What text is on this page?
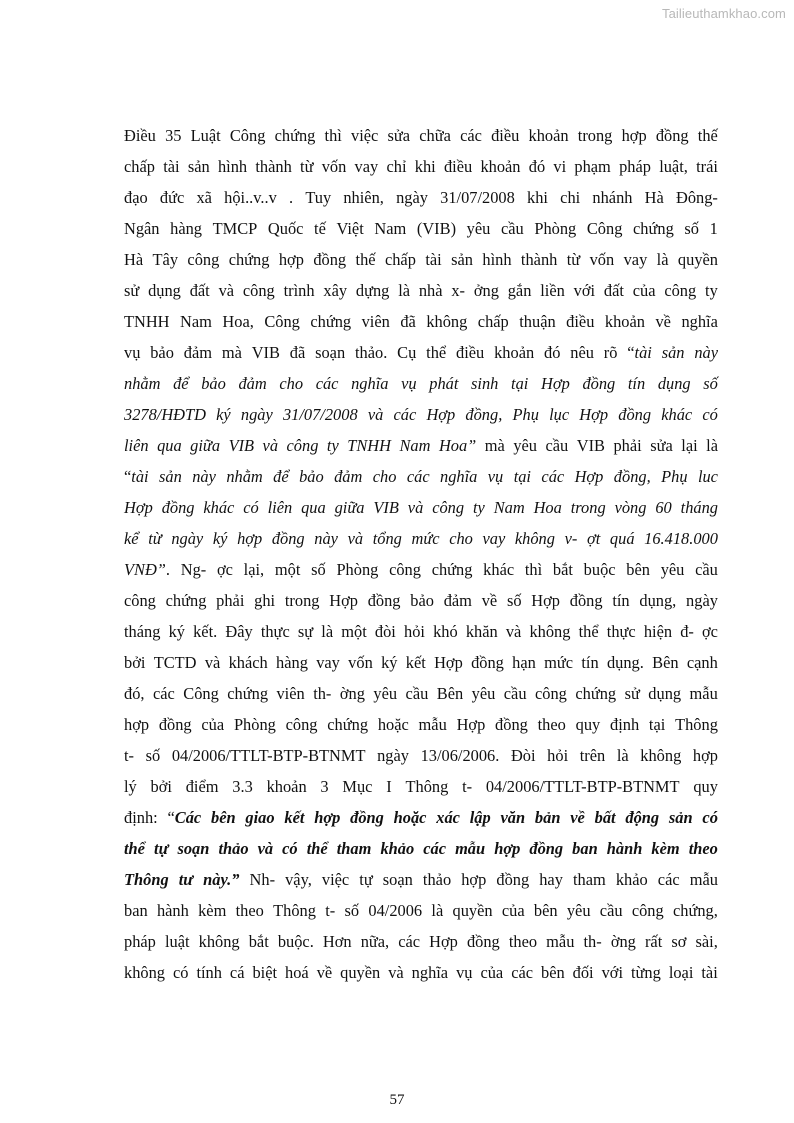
Tailieuthamkhao.com
Điều 35 Luật Công chứng thì việc sửa chữa các điều khoản trong hợp đồng thế
chấp tài sản hình thành từ vốn vay chỉ khi điều khoản đó vi phạm pháp luật, trái
đạo đức xã hội..v..v . Tuy nhiên, ngày 31/07/2008 khi chi nhánh Hà Đông-
Ngân hàng TMCP Quốc tế Việt Nam (VIB) yêu cầu Phòng Công chứng số 1
Hà Tây công chứng hợp đồng thế chấp tài sản hình thành từ vốn vay là quyền
sử dụng đất và công trình xây dựng là nhà x- ởng gắn liền với đất của công ty
TNHH Nam Hoa, Công chứng viên đã không chấp thuận điều khoản về nghĩa
vụ bảo đảm mà VIB đã soạn thảo. Cụ thể điều khoản đó nêu rõ “tài sản này
nhằm để bảo đảm cho các nghĩa vụ phát sinh tại Hợp đồng tín dụng số
3278/HĐTD ký ngày 31/07/2008 và các Hợp đồng, Phụ lục Hợp đồng khác có
liên qua giữa VIB và công ty TNHH Nam Hoa” mà yêu cầu VIB phải sửa lại là
“tài sản này nhằm để bảo đảm cho các nghĩa vụ tại các Hợp đồng, Phụ luc
Hợp đồng khác có liên qua giữa VIB và công ty Nam Hoa trong vòng 60 tháng
kể từ ngày ký hợp đồng này và tổng mức cho vay không v- ợt quá 16.418.000
VNĐ”. Ng- ợc lại, một số Phòng công chứng khác thì bắt buộc bên yêu cầu
công chứng phải ghi trong Hợp đồng bảo đảm về số Hợp đồng tín dụng, ngày
tháng ký kết. Đây thực sự là một đòi hỏi khó khăn và không thể thực hiện đ- ợc
bởi TCTD và khách hàng vay vốn ký kết Hợp đồng hạn mức tín dụng. Bên cạnh
đó, các Công chứng viên th- ờng yêu cầu Bên yêu cầu công chứng sử dụng mẫu
hợp đồng của Phòng công chứng hoặc mẫu Hợp đồng theo quy định tại Thông
t- số 04/2006/TTLT-BTP-BTNMT ngày 13/06/2006. Đòi hỏi trên là không hợp
lý bởi điểm 3.3 khoản 3 Mục I Thông t- 04/2006/TTLT-BTP-BTNMT quy
định: “Các bên giao kết hợp đồng hoặc xác lập văn bản về bất động sản có
thể tự soạn thảo và có thể tham khảo các mẫu hợp đồng ban hành kèm theo
Thông tư này.” Nh- vậy, việc tự soạn thảo hợp đồng hay tham khảo các mẫu
ban hành kèm theo Thông t- số 04/2006 là quyền của bên yêu cầu công chứng,
pháp luật không bắt buộc. Hơn nữa, các Hợp đồng theo mẫu th- ờng rất sơ sài,
không có tính cá biệt hoá về quyền và nghĩa vụ của các bên đối với từng loại tài
57
